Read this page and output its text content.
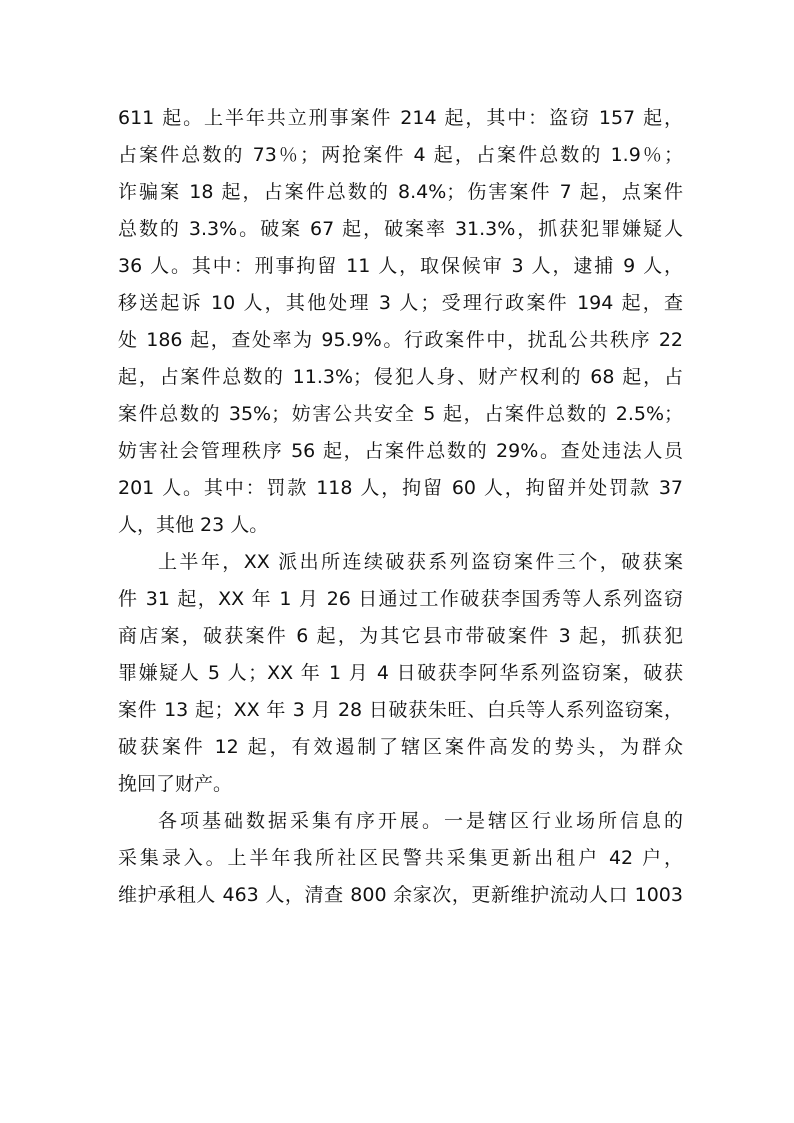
611 起。上半年共立刑事案件 214 起，其中：盗窃 157 起，
占案件总数的 73％；两抢案件 4 起，占案件总数的 1.9％；
诈骗案 18 起，占案件总数的 8.4%；伤害案件 7 起，点案件
总数的 3.3%。破案 67 起，破案率 31.3%，抓获犯罪嫌疑人
36 人。其中：刑事拘留 11 人，取保候审 3 人，逮捕 9 人，
移送起诉 10 人，其他处理 3 人；受理行政案件 194 起，查
处 186 起，查处率为 95.9%。行政案件中，扰乱公共秩序 22
起，占案件总数的 11.3%；侵犯人身、财产权利的 68 起，占
案件总数的 35%；妨害公共安全 5 起，占案件总数的 2.5%；
妨害社会管理秩序 56 起，占案件总数的 29%。查处违法人员
201 人。其中：罚款 118 人，拘留 60 人，拘留并处罚款 37
人，其他 23 人。
上半年，XX 派出所连续破获系列盗窃案件三个，破获案
件 31 起，XX 年 1 月 26 日通过工作破获李国秀等人系列盗窃
商店案，破获案件 6 起，为其它县市带破案件 3 起，抓获犯
罪嫌疑人 5 人；XX 年 1 月 4 日破获李阿华系列盗窃案，破获
案件 13 起；XX 年 3 月 28 日破获朱旺、白兵等人系列盗窃案，
破获案件 12 起，有效遏制了辖区案件高发的势头，为群众
挽回了财产。
各项基础数据采集有序开展。一是辖区行业场所信息的
采集录入。上半年我所社区民警共采集更新出租户 42 户，
维护承租人 463 人，清查 800 余家次，更新维护流动人口 1003
